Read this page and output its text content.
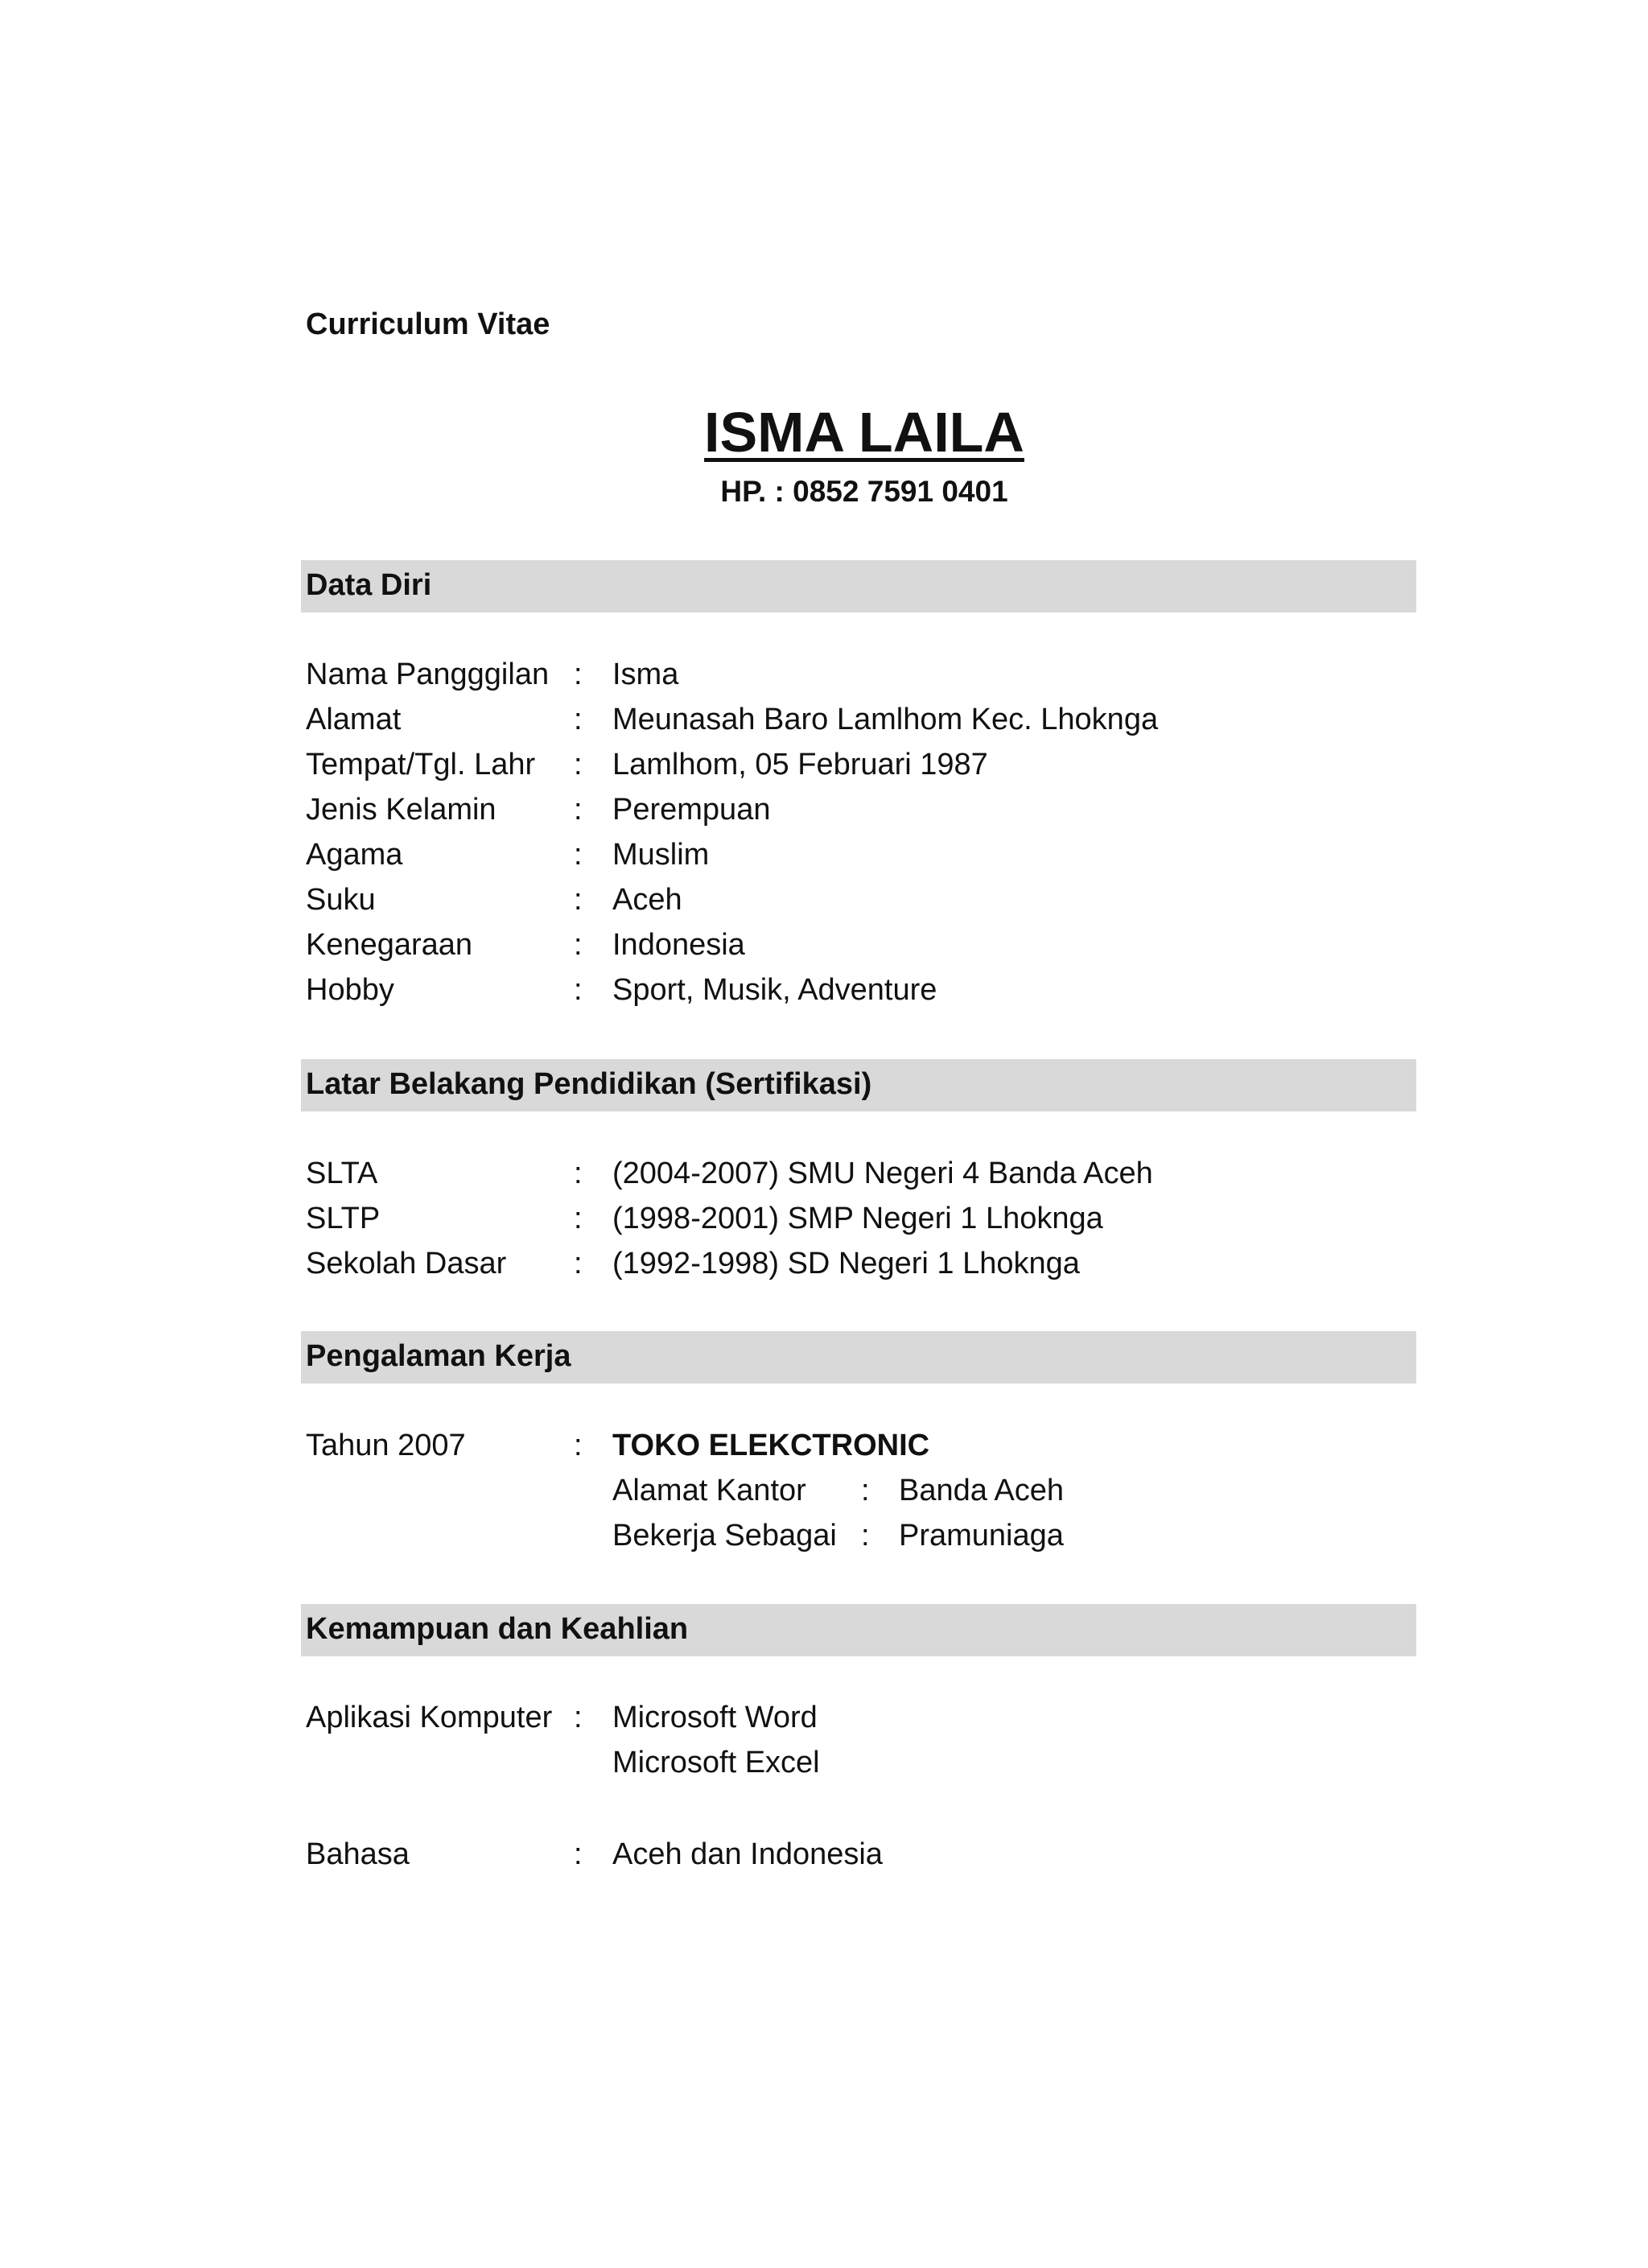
Curriculum Vitae
ISMA LAILA
HP. : 0852 7591 0401
Data Diri
Nama Pangggilan : Isma
Alamat	: Meunasah Baro Lamlhom Kec. Lhoknga
Tempat/Tgl. Lahr : Lamlhom, 05 Februari 1987
Jenis Kelamin	: Perempuan
Agama	: Muslim
Suku	: Aceh
Kenegaraan	: Indonesia
Hobby	: Sport, Musik, Adventure
Latar Belakang Pendidikan (Sertifikasi)
SLTA	: (2004-2007) SMU Negeri 4 Banda Aceh
SLTP	: (1998-2001) SMP Negeri 1 Lhoknga
Sekolah Dasar : (1992-1998) SD Negeri 1 Lhoknga
Pengalaman Kerja
Tahun 2007	: TOKO ELEKCTRONIC
Alamat Kantor : Banda Aceh
Bekerja Sebagai : Pramuniaga
Kemampuan dan Keahlian
Aplikasi Komputer : Microsoft Word
Microsoft Excel
Bahasa	: Aceh dan Indonesia
